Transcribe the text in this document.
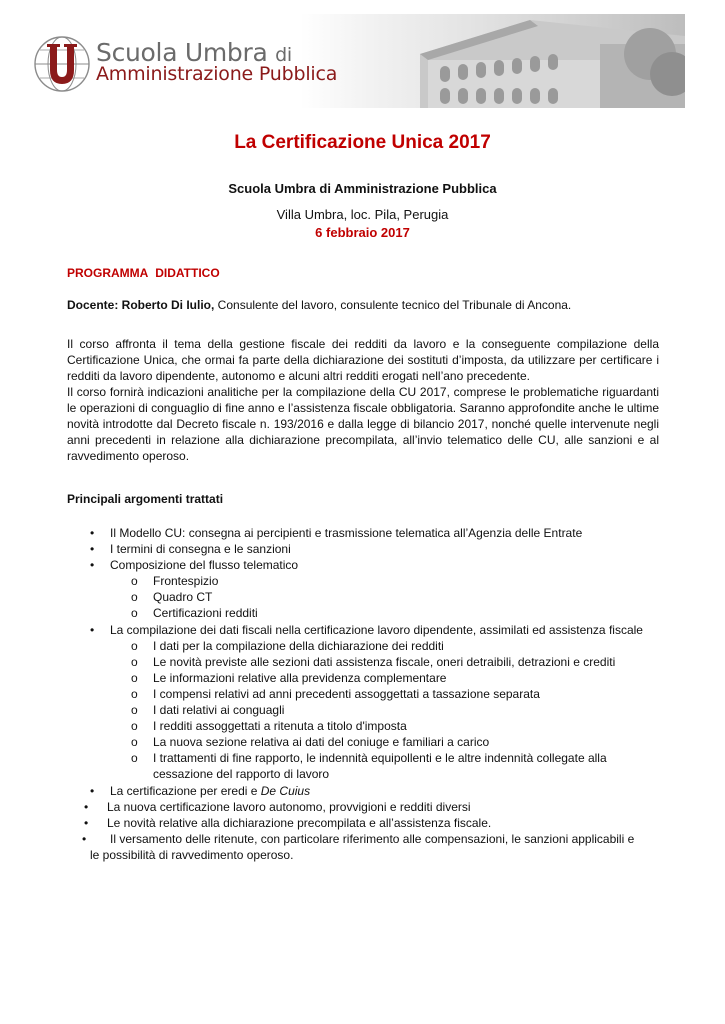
Scuola Umbra di
Amministrazione Pubblica
La Certificazione Unica 2017
Scuola Umbra di Amministrazione Pubblica
Villa Umbra, loc. Pila, Perugia
6 febbraio 2017
PROGRAMMA DIDATTICO
Docente: Roberto Di Iulio, Consulente del lavoro, consulente tecnico del Tribunale di Ancona.

Il corso affronta il tema della gestione fiscale dei redditi da lavoro e la conseguente compilazione della Certificazione Unica, che ormai fa parte della dichiarazione dei sostituti d’imposta, da utilizzare per certificare i redditi da lavoro dipendente, autonomo e alcuni altri redditi erogati nell’ano precedente.

Il corso fornirà indicazioni analitiche per la compilazione della CU 2017, comprese le problematiche riguardanti le operazioni di conguaglio di fine anno e l’assistenza fiscale obbligatoria. Saranno approfondite anche le ultime novità introdotte dal Decreto fiscale n. 193/2016 e dalla legge di bilancio 2017, nonché quelle intervenute negli anni precedenti in relazione alla dichiarazione precompilata, all’invio telematico delle CU, alle sanzioni e al ravvedimento operoso.

Principali argomenti trattati
• Il Modello CU: consegna ai percipienti e trasmissione telematica all’Agenzia delle Entrate
• I termini di consegna e le sanzioni
• Composizione del flusso telematico
o Frontespizio
o Quadro CT
o Certificazioni redditi
• La compilazione dei dati fiscali nella certificazione lavoro dipendente, assimilati ed assistenza fiscale
o I dati per la compilazione della dichiarazione dei redditi
o Le novità previste alle sezioni dati assistenza fiscale, oneri detraibili, detrazioni e crediti
o Le informazioni relative alla previdenza complementare
o I compensi relativi ad anni precedenti assoggettati a tassazione separata
o I dati relativi ai conguagli
o I redditi assoggettati a ritenuta a titolo d'imposta
o La nuova sezione relativa ai dati del coniuge e familiari a carico
o I trattamenti di fine rapporto, le indennità equipollenti e le altre indennità collegate alla
cessazione del rapporto di lavoro
• La certificazione per eredi e De Cuius
• La nuova certificazione lavoro autonomo, provvigioni e redditi diversi
• Le novità relative alla dichiarazione precompilata e all’assistenza fiscale.
• Il versamento delle ritenute, con particolare riferimento alle compensazioni, le sanzioni applicabili e
le possibilità di ravvedimento operoso.
